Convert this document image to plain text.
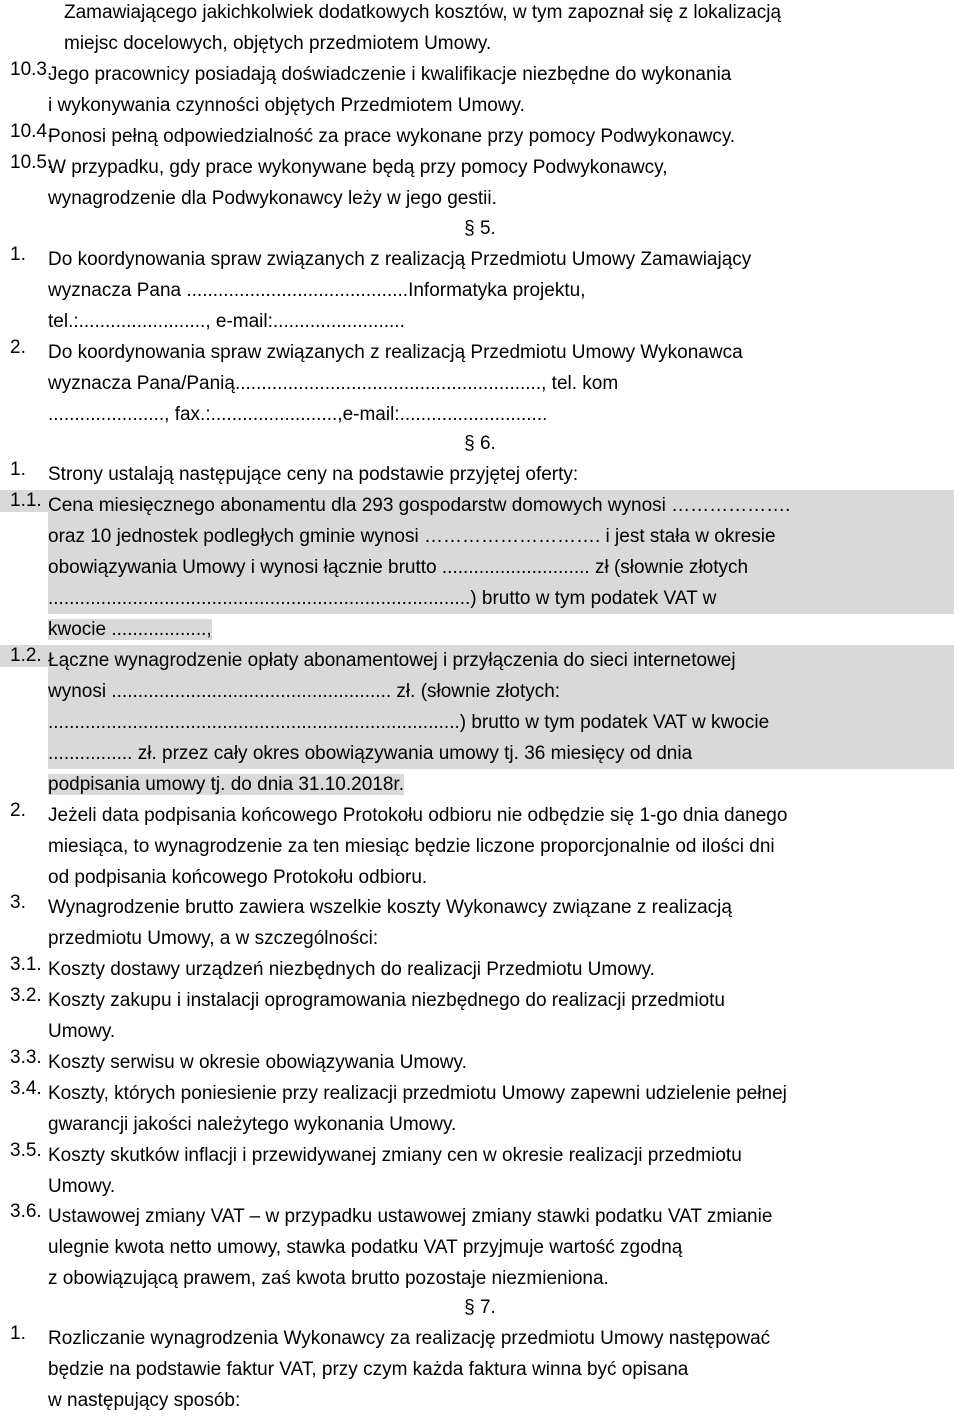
Zamawiającego jakichkolwiek dodatkowych kosztów, w tym zapoznał się z lokalizacją
miejsc docelowych, objętych przedmiotem Umowy.
10.3.

Jego pracownicy posiadają doświadczenie i kwalifikacje niezbędne do wykonania

i wykonywania czynności objętych Przedmiotem Umowy.

10.4.

Ponosi pełną odpowiedzialność za prace wykonane przy pomocy Podwykonawcy.

10.5.

W przypadku, gdy prace wykonywane będą przy pomocy Podwykonawcy,

wynagrodzenie dla Podwykonawcy leży w jego gestii.

§ 5.
1.	Do koordynowania spraw związanych z realizacją Przedmiotu Umowy Zamawiający

wyznacza Pana ..........................................Informatyka projektu,

tel.:........................, e-mail:.........................

2.	Do koordynowania spraw związanych z realizacją Przedmiotu Umowy Wykonawca

wyznacza Pana/Panią.........................................................., tel. kom

......................, fax.:........................,e-mail:............................

§ 6.
1.	Strony ustalają następujące ceny na podstawie przyjętej oferty:

1.1. Cena miesięcznego abonamentu dla 293 gospodarstw domowych wynosi ……………….

oraz 10 jednostek podległych gminie wynosi ………………………. i jest stała w okresie

obowiązywania Umowy i wynosi łącznie brutto ............................ zł (słownie złotych

................................................................................) brutto w tym podatek VAT w

kwocie ..................,

1.2. Łączne wynagrodzenie opłaty abonamentowej i przyłączenia do sieci internetowej

wynosi ..................................................... zł. (słownie złotych:

..............................................................................) brutto w tym podatek VAT w kwocie

................ zł. przez cały okres obowiązywania umowy tj. 36 miesięcy od dnia

podpisania umowy tj. do dnia 31.10.2018r.

2.	Jeżeli data podpisania końcowego Protokołu odbioru nie odbędzie się 1-go dnia danego

miesiąca, to wynagrodzenie za ten miesiąc będzie liczone proporcjonalnie od ilości dni

od podpisania końcowego Protokołu odbioru.

3.	Wynagrodzenie brutto zawiera wszelkie koszty Wykonawcy związane z realizacją

przedmiotu Umowy, a w szczególności:

3.1. Koszty dostawy urządzeń niezbędnych do realizacji Przedmiotu Umowy.

3.2. Koszty zakupu i instalacji oprogramowania niezbędnego do realizacji przedmiotu

Umowy.

3.3. Koszty serwisu w okresie obowiązywania Umowy.

3.4. Koszty, których poniesienie przy realizacji przedmiotu Umowy zapewni udzielenie pełnej

gwarancji jakości należytego wykonania Umowy.

3.5. Koszty skutków inflacji i przewidywanej zmiany cen w okresie realizacji przedmiotu

Umowy.

3.6. Ustawowej zmiany VAT – w przypadku ustawowej zmiany stawki podatku VAT zmianie

ulegnie kwota netto umowy, stawka podatku VAT przyjmuje wartość zgodną

z obowiązującą prawem, zaś kwota brutto pozostaje niezmieniona.

§ 7.
1.	Rozliczanie wynagrodzenia Wykonawcy za realizację przedmiotu Umowy następować

będzie na podstawie faktur VAT, przy czym każda faktura winna być opisana

w następujący sposób:
